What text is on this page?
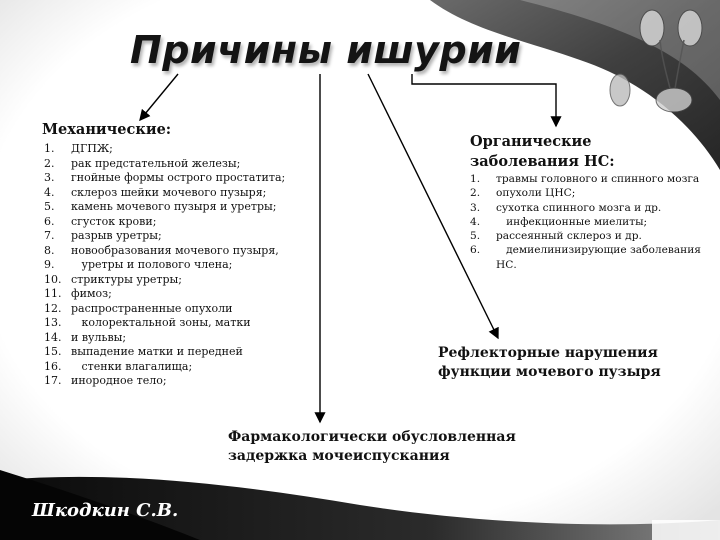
Причины ишурии
Механические:
1. ДГПЖ;
2. рак предстательной железы;
3. гнойные формы острого простатита;
4. склероз шейки мочевого пузыря;
5. камень мочевого пузыря и уретры;
6. сгусток крови;
7. разрыв уретры;
8. новообразования мочевого пузыря,
9. уретры и полового члена;
10. стриктуры уретры;
11. фимоз;
12. распространенные опухоли
13. колоректальной зоны, матки
14. и вульвы;
15. выпадение матки и передней
16. стенки влагалища;
17. инородное тело;
Органические
заболевания НС:
1. травмы головного и спинного мозга
2. опухоли ЦНС;
3. сухотка спинного мозга и др.
4. инфекционные миелиты;
5. рассеянный склероз и др.
6. демиелинизирующие заболевания
НС.
Рефлекторные нарушения
функции мочевого пузыря
Фармакологически обусловленная
задержка мочеиспускания
Шкодкин С.В.
